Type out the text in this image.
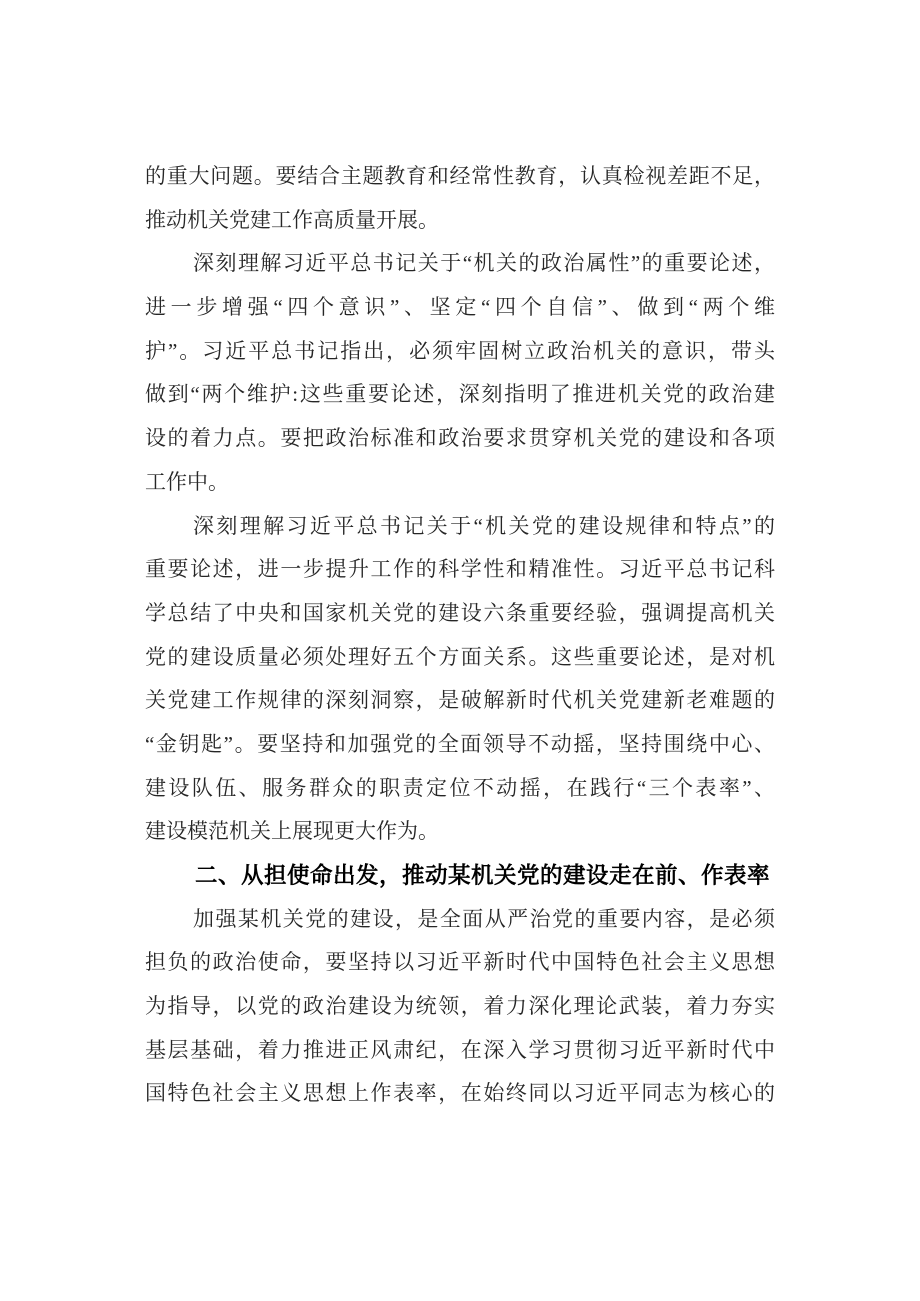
的重大问题。要结合主题教育和经常性教育，认真检视差距不足，
推动机关党建工作高质量开展。
深刻理解习近平总书记关于“机关的政治属性”的重要论述，
进一步增强“四个意识”、坚定“四个自信”、做到“两个维
护”。习近平总书记指出，必须牢固树立政治机关的意识，带头
做到“两个维护:这些重要论述，深刻指明了推进机关党的政治建
设的着力点。要把政治标准和政治要求贯穿机关党的建设和各项
工作中。
深刻理解习近平总书记关于“机关党的建设规律和特点”的
重要论述，进一步提升工作的科学性和精准性。习近平总书记科
学总结了中央和国家机关党的建设六条重要经验，强调提高机关
党的建设质量必须处理好五个方面关系。这些重要论述，是对机
关党建工作规律的深刻洞察，是破解新时代机关党建新老难题的
“金钥匙”。要坚持和加强党的全面领导不动摇，坚持围绕中心、
建设队伍、服务群众的职责定位不动摇，在践行“三个表率”、
建设模范机关上展现更大作为。
二、从担使命出发，推动某机关党的建设走在前、作表率
加强某机关党的建设，是全面从严治党的重要内容，是必须
担负的政治使命，要坚持以习近平新时代中国特色社会主义思想
为指导，以党的政治建设为统领，着力深化理论武装，着力夯实
基层基础，着力推进正风肃纪，在深入学习贯彻习近平新时代中
国特色社会主义思想上作表率，在始终同以习近平同志为核心的
